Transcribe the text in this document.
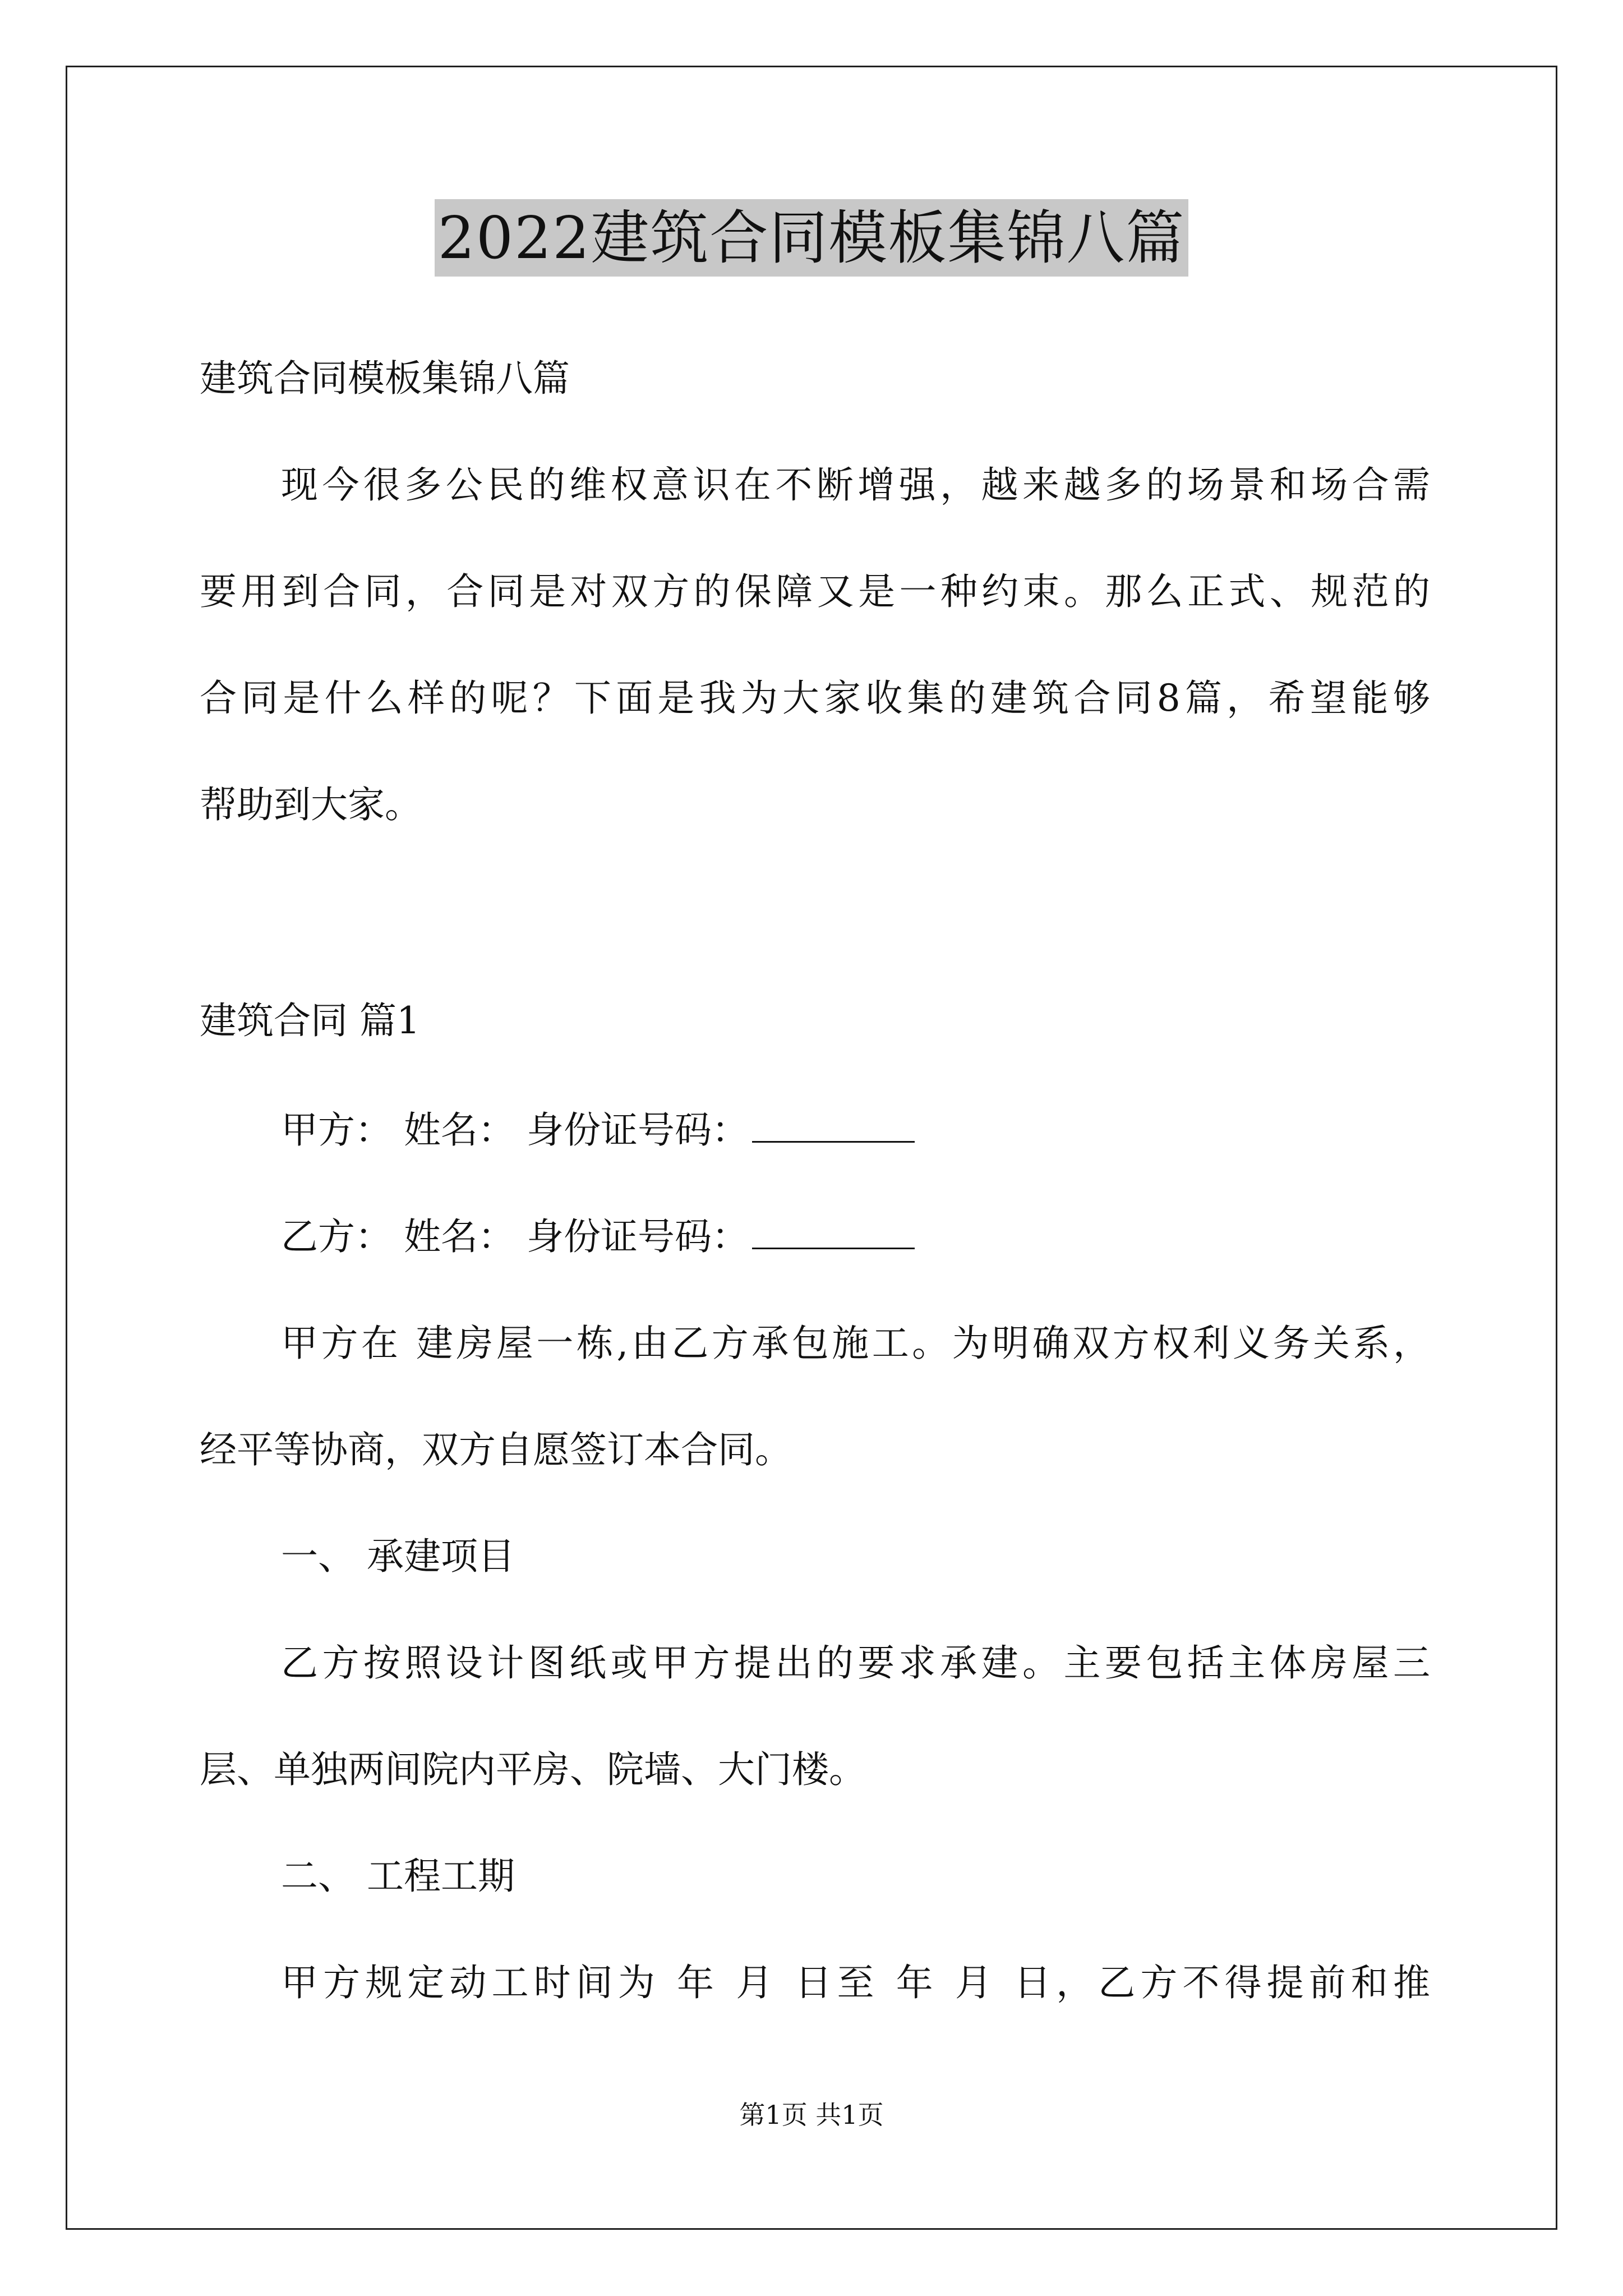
2022建筑合同模板集锦八篇
建筑合同模板集锦八篇
现今很多公民的维权意识在不断增强，越来越多的场景和场合需
要用到合同，合同是对双方的保障又是一种约束。那么正式、规范的
合同是什么样的呢？下面是我为大家收集的建筑合同8篇，希望能够
帮助到大家。
建筑合同 篇1
甲方： 姓名： 身份证号码：
乙方： 姓名： 身份证号码：
甲方在 建房屋一栋,由乙方承包施工。为明确双方权利义务关系，
经平等协商，双方自愿签订本合同。
一、 承建项目
乙方按照设计图纸或甲方提出的要求承建。主要包括主体房屋三
层、单独两间院内平房、院墙、大门楼。
二、 工程工期
甲方规定动工时间为 年 月 日至 年 月 日，乙方不得提前和推
第1页 共1页
